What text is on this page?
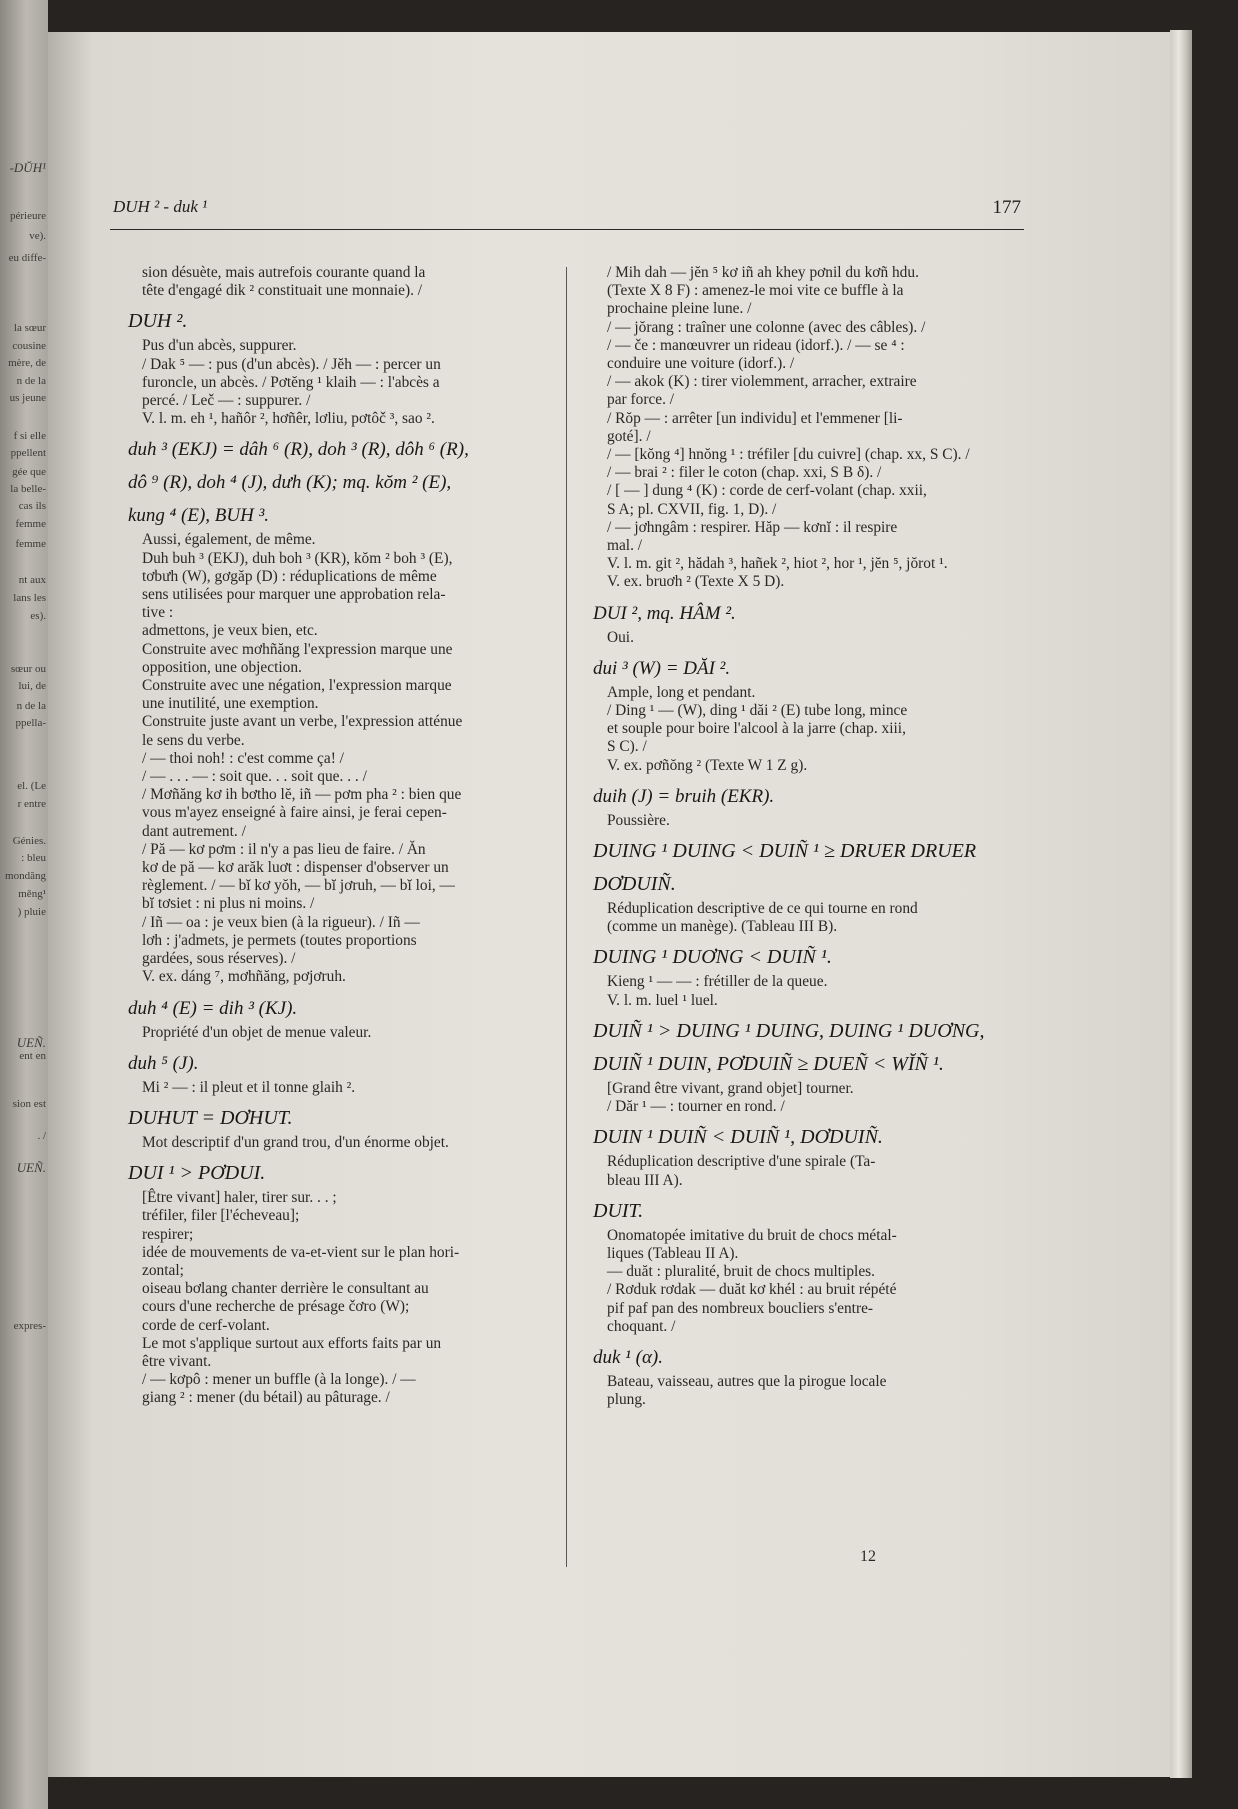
-DŬH¹
périeure
ve).
eu diffe-
la sœur
cousine
mère, de
n de la
us jeune
f si elle
ppellent
gée que
la belle-
cas ils
femme
femme
nt aux
lans les
es).
sœur ou
lui, de
n de la
ppella-
el. (Le
r entre
Génies.
: bleu
mondăng
měng¹
) pluie
UEÑ.
ent en
sion est
. /
UEÑ.
expres-
DUH ² - duk ¹	177
sion désuète, mais autrefois courante quand la
tête d'engagé dik ² constituait une monnaie). /
DUH ².
Pus d'un abcès, suppurer.
/ Dak ⁵ — : pus (d'un abcès). / Jĕh — : percer un
furoncle, un abcès. / Pơtĕng ¹ klaih — : l'abcès a
percé. / Leč — : suppurer. /
V. l. m. eh ¹, hañôr ², hơñêr, lơliu, pơtôč ³, sao ².
duh ³ (EKJ) = dâh ⁶ (R), doh ³ (R), dôh ⁶ (R),
dô ⁹ (R), doh ⁴ (J), dưh (K); mq. kŏm ² (E),
kung ⁴ (E), BUH ³.
Aussi, également, de même.
Duh buh ³ (EKJ), duh boh ³ (KR), kŏm ² boh ³ (E),
tơbưh (W), gơgăp (D) : réduplications de même
sens utilisées pour marquer une approbation rela-
tive :
admettons, je veux bien, etc.
Construite avec mơhñăng l'expression marque une
opposition, une objection.
Construite avec une négation, l'expression marque
une inutilité, une exemption.
Construite juste avant un verbe, l'expression atténue
le sens du verbe.
/ — thoi noh! : c'est comme ça! /
/ — . . . — : soit que. . . soit que. . . /
/ Mơñăng kơ ih bơtho lĕ, iñ — pơm pha ² : bien que
vous m'ayez enseigné à faire ainsi, je ferai cepen-
dant autrement. /
/ Pă — kơ pơm : il n'y a pas lieu de faire. / Ăn
kơ de pă — kơ arăk luơt : dispenser d'observer un
règlement. / — bĭ kơ yŏh, — bĭ jơruh, — bĭ loi, —
bĭ tơsiet : ni plus ni moins. /
/ Iñ — oa : je veux bien (à la rigueur). / Iñ —
lơh : j'admets, je permets (toutes proportions
gardées, sous réserves). /
V. ex. dáng ⁷, mơhñăng, pơjơruh.
duh ⁴ (E) = dih ³ (KJ).
Propriété d'un objet de menue valeur.
duh ⁵ (J).
Mi ² — : il pleut et il tonne glaih ².
DUHUT = DƠHUT.
Mot descriptif d'un grand trou, d'un énorme objet.
DUI ¹ > PƠDUI.
[Être vivant] haler, tirer sur. . . ;
tréfiler, filer [l'écheveau];
respirer;
idée de mouvements de va-et-vient sur le plan hori-
zontal;
oiseau bơlang chanter derrière le consultant au
cours d'une recherche de présage čơro (W);
corde de cerf-volant.
Le mot s'applique surtout aux efforts faits par un
être vivant.
/ — kơpô : mener un buffle (à la longe). / —
giang ² : mener (du bétail) au pâturage. /
/ Mih dah — jĕn ⁵ kơ iñ ah khey pơnil du kơñ hdu.
(Texte X 8 F) : amenez-le moi vite ce buffle à la
prochaine pleine lune. /
/ — jŏrang : traîner une colonne (avec des câbles). /
/ — če : manœuvrer un rideau (idorf.). / — se ⁴ :
conduire une voiture (idorf.). /
/ — akok (K) : tirer violemment, arracher, extraire
par force. /
/ Rŏp — : arrêter [un individu] et l'emmener [li-
goté]. /
/ — [kŏng ⁴] hnŏng ¹ : tréfiler [du cuivre] (chap. xx, S C). /
/ — brai ² : filer le coton (chap. xxi, S B δ). /
/ [ — ] dung ⁴ (K) : corde de cerf-volant (chap. xxii,
S A; pl. CXVII, fig. 1, D). /
/ — jơhngâm : respirer. Hăp — kơnĭ : il respire
mal. /
V. l. m. git ², hădah ³, hañek ², hiot ², hor ¹, jĕn ⁵, jŏrot ¹.
V. ex. bruơh ² (Texte X 5 D).
DUI ², mq. HÂM ².
Oui.
dui ³ (W) = DĂI ².
Ample, long et pendant.
/ Ding ¹ — (W), ding ¹ dăi ² (E) tube long, mince
et souple pour boire l'alcool à la jarre (chap. xiii,
S C). /
V. ex. pơñŏng ² (Texte W 1 Z g).
duih (J) = bruih (EKR).
Poussière.
DUING ¹ DUING < DUIÑ ¹ ≥ DRUER DRUER
DƠDUIÑ.
Réduplication descriptive de ce qui tourne en rond
(comme un manège). (Tableau III B).
DUING ¹ DUƠNG < DUIÑ ¹.
Kieng ¹ — — : frétiller de la queue.
V. l. m. luel ¹ luel.
DUIÑ ¹ > DUING ¹ DUING, DUING ¹ DUƠNG,
DUIÑ ¹ DUIN, PƠDUIÑ ≥ DUEÑ < WĬÑ ¹.
[Grand être vivant, grand objet] tourner.
/ Dăr ¹ — : tourner en rond. /
DUIN ¹ DUIÑ < DUIÑ ¹, DƠDUIÑ.
Réduplication descriptive d'une spirale (Ta-
bleau III A).
DUIT.
Onomatopée imitative du bruit de chocs métal-
liques (Tableau II A).
— duăt : pluralité, bruit de chocs multiples.
/ Rơduk rơdak — duăt kơ khél : au bruit répété
pif paf pan des nombreux boucliers s'entre-
choquant. /
duk ¹ (α).
Bateau, vaisseau, autres que la pirogue locale
plung.
12
